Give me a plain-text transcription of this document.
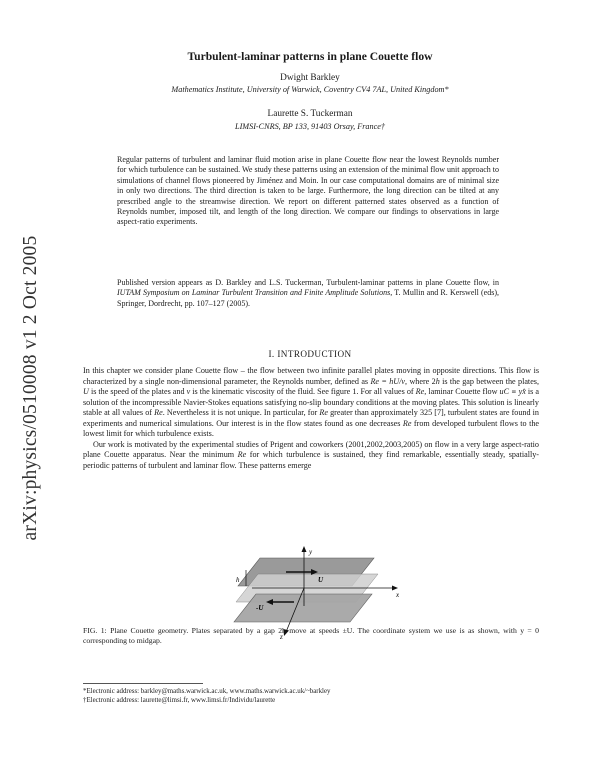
arXiv:physics/0510008 v1 2 Oct 2005
Turbulent-laminar patterns in plane Couette flow
Dwight Barkley
Mathematics Institute, University of Warwick, Coventry CV4 7AL, United Kingdom*
Laurette S. Tuckerman
LIMSI-CNRS, BP 133, 91403 Orsay, France†

Regular patterns of turbulent and laminar fluid motion arise in plane Couette flow near the lowest Reynolds number for which turbulence can be sustained. We study these patterns using an extension of the minimal flow unit approach to simulations of channel flows pioneered by Jiménez and Moin. In our case computational domains are of minimal size in only two directions. The third direction is taken to be large. Furthermore, the long direction can be tilted at any prescribed angle to the streamwise direction. We report on different patterned states observed as a function of Reynolds number, imposed tilt, and length of the long direction. We compare our findings to observations in large aspect-ratio experiments.

Published version appears as D. Barkley and L.S. Tuckerman, Turbulent-laminar patterns in plane Couette flow, in IUTAM Symposium on Laminar Turbulent Transition and Finite Amplitude Solutions, T. Mullin and R. Kerswell (eds), Springer, Dordrecht, pp. 107–127 (2005).

I. INTRODUCTION

In this chapter we consider plane Couette flow – the flow between two infinite parallel plates moving in opposite directions. This flow is characterized by a single non-dimensional parameter, the Reynolds number, defined as Re = hU/ν, where 2h is the gap between the plates, U is the speed of the plates and ν is the kinematic viscosity of the fluid. See figure 1. For all values of Re, laminar Couette flow uC ≡ yx̂ is a solution of the incompressible Navier-Stokes equations satisfying no-slip boundary conditions at the moving plates. This solution is linearly stable at all values of Re. Nevertheless it is not unique. In particular, for Re greater than approximately 325 [7], turbulent states are found in experiments and numerical simulations. Our interest is in the flow states found as one decreases Re from developed turbulent flows to the lowest limit for which turbulence exists.

Our work is motivated by the experimental studies of Prigent and coworkers (2001,2002,2003,2005) on flow in a very large aspect-ratio plane Couette apparatus. Near the minimum Re for which turbulence is sustained, they find remarkable, essentially steady, spatially-periodic patterns of turbulent and laminar flow. These patterns emerge

y
x
z
h	U
-U

FIG. 1: Plane Couette geometry. Plates separated by a gap 2h move at speeds ±U. The coordinate system we use is as shown, with y = 0 corresponding to midgap.

*Electronic address: barkley@maths.warwick.ac.uk, www.maths.warwick.ac.uk/~barkley

†Electronic address: laurette@limsi.fr, www.limsi.fr/Individu/laurette
